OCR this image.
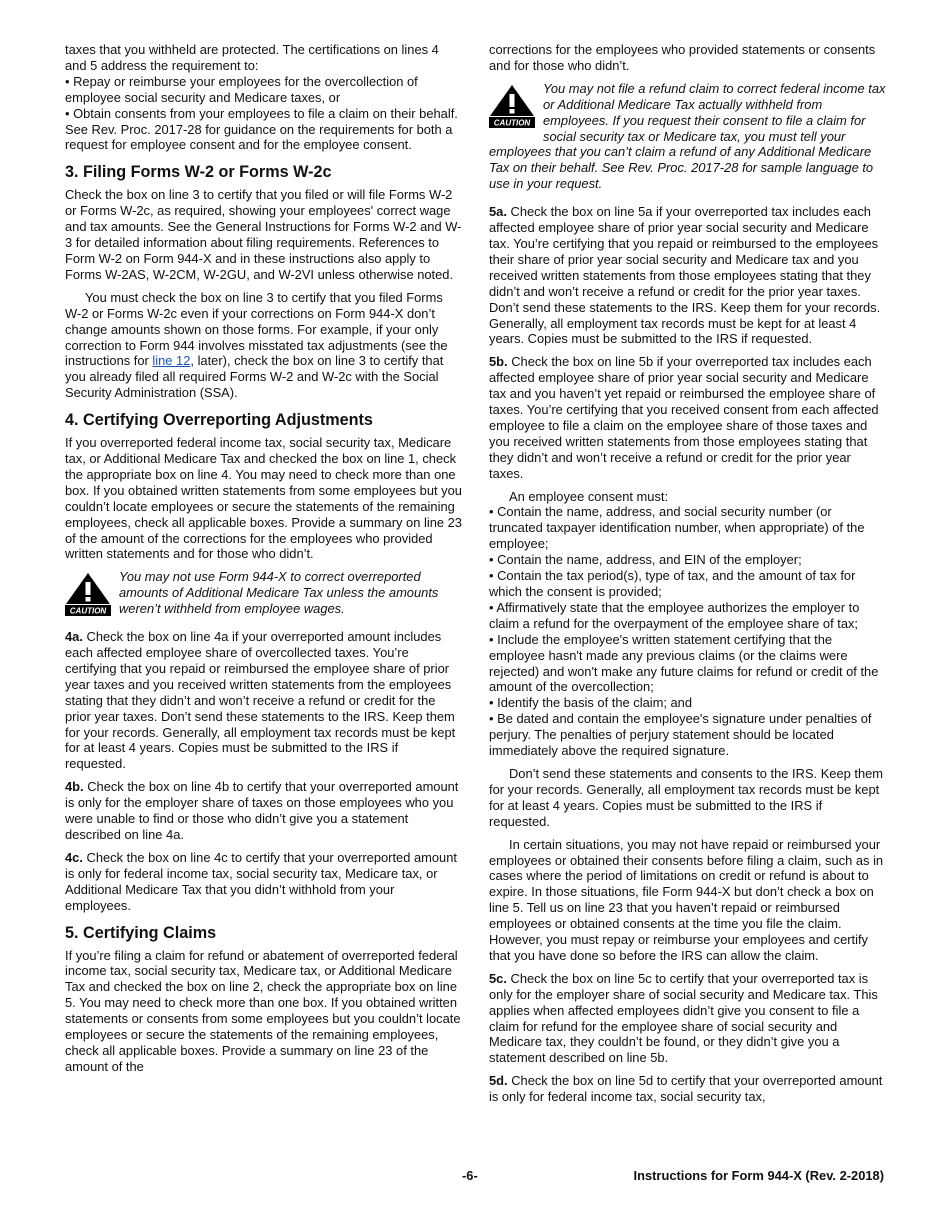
taxes that you withheld are protected. The certifications on lines 4 and 5 address the requirement to:

• Repay or reimburse your employees for the overcollection of employee social security and Medicare taxes, or

• Obtain consents from your employees to file a claim on their behalf. See Rev. Proc. 2017-28 for guidance on the requirements for both a request for employee consent and for the employee consent.

3. Filing Forms W-2 or Forms W-2c

Check the box on line 3 to certify that you filed or will file Forms W-2 or Forms W-2c, as required, showing your employees' correct wage and tax amounts. See the General Instructions for Forms W-2 and W-3 for detailed information about filing requirements. References to Form W-2 on Form 944-X and in these instructions also apply to Forms W-2AS, W-2CM, W-2GU, and W-2VI unless otherwise noted.

You must check the box on line 3 to certify that you filed Forms W-2 or Forms W-2c even if your corrections on Form 944-X don’t change amounts shown on those forms. For example, if your only correction to Form 944 involves misstated tax adjustments (see the instructions for line 12, later), check the box on line 3 to certify that you already filed all required Forms W-2 and W-2c with the Social Security Administration (SSA).

4. Certifying Overreporting Adjustments

If you overreported federal income tax, social security tax, Medicare tax, or Additional Medicare Tax and checked the box on line 1, check the appropriate box on line 4. You may need to check more than one box. If you obtained written statements from some employees but you couldn’t locate employees or secure the statements of the remaining employees, check all applicable boxes. Provide a summary on line 23 of the amount of the corrections for the employees who provided written statements and for those who didn’t.

CAUTION
You may not use Form 944-X to correct overreported amounts of Additional Medicare Tax unless the amounts weren’t withheld from employee wages.

4a. Check the box on line 4a if your overreported amount includes each affected employee share of overcollected taxes. You’re certifying that you repaid or reimbursed the employee share of prior year taxes and you received written statements from the employees stating that they didn’t and won’t receive a refund or credit for the prior year taxes. Don’t send these statements to the IRS. Keep them for your records. Generally, all employment tax records must be kept for at least 4 years. Copies must be submitted to the IRS if requested.

4b. Check the box on line 4b to certify that your overreported amount is only for the employer share of taxes on those employees who you were unable to find or those who didn’t give you a statement described on line 4a.

4c. Check the box on line 4c to certify that your overreported amount is only for federal income tax, social security tax, Medicare tax, or Additional Medicare Tax that you didn’t withhold from your employees.

5. Certifying Claims

If you’re filing a claim for refund or abatement of overreported federal income tax, social security tax, Medicare tax, or Additional Medicare Tax and checked the box on line 2, check the appropriate box on line 5. You may need to check more than one box. If you obtained written statements or consents from some employees but you couldn’t locate employees or secure the statements of the remaining employees, check all applicable boxes. Provide a summary on line 23 of the amount of the

corrections for the employees who provided statements or consents and for those who didn’t.

CAUTION
You may not file a refund claim to correct federal income tax or Additional Medicare Tax actually withheld from employees. If you request their consent to file a claim for social security tax or Medicare tax, you must tell your employees that you can’t claim a refund of any Additional Medicare Tax on their behalf. See Rev. Proc. 2017-28 for sample language to use in your request.

5a. Check the box on line 5a if your overreported tax includes each affected employee share of prior year social security and Medicare tax. You’re certifying that you repaid or reimbursed to the employees their share of prior year social security and Medicare tax and you received written statements from those employees stating that they didn’t and won’t receive a refund or credit for the prior year taxes. Don’t send these statements to the IRS. Keep them for your records. Generally, all employment tax records must be kept for at least 4 years. Copies must be submitted to the IRS if requested.

5b. Check the box on line 5b if your overreported tax includes each affected employee share of prior year social security and Medicare tax and you haven’t yet repaid or reimbursed the employee share of taxes. You’re certifying that you received consent from each affected employee to file a claim on the employee share of those taxes and you received written statements from those employees stating that they didn’t and won’t receive a refund or credit for the prior year taxes.

An employee consent must:

• Contain the name, address, and social security number (or truncated taxpayer identification number, when appropriate) of the employee;

• Contain the name, address, and EIN of the employer;

• Contain the tax period(s), type of tax, and the amount of tax for which the consent is provided;

• Affirmatively state that the employee authorizes the employer to claim a refund for the overpayment of the employee share of tax;

• Include the employee's written statement certifying that the employee hasn't made any previous claims (or the claims were rejected) and won't make any future claims for refund or credit of the amount of the overcollection;

• Identify the basis of the claim; and

• Be dated and contain the employee's signature under penalties of perjury. The penalties of perjury statement should be located immediately above the required signature.

Don’t send these statements and consents to the IRS. Keep them for your records. Generally, all employment tax records must be kept for at least 4 years. Copies must be submitted to the IRS if requested.

In certain situations, you may not have repaid or reimbursed your employees or obtained their consents before filing a claim, such as in cases where the period of limitations on credit or refund is about to expire. In those situations, file Form 944-X but don’t check a box on line 5. Tell us on line 23 that you haven’t repaid or reimbursed employees or obtained consents at the time you file the claim. However, you must repay or reimburse your employees and certify that you have done so before the IRS can allow the claim.

5c. Check the box on line 5c to certify that your overreported tax is only for the employer share of social security and Medicare tax. This applies when affected employees didn’t give you consent to file a claim for refund for the employee share of social security and Medicare tax, they couldn’t be found, or they didn’t give you a statement described on line 5b.

5d. Check the box on line 5d to certify that your overreported amount is only for federal income tax, social security tax,

-6-	Instructions for Form 944-X (Rev. 2-2018)
